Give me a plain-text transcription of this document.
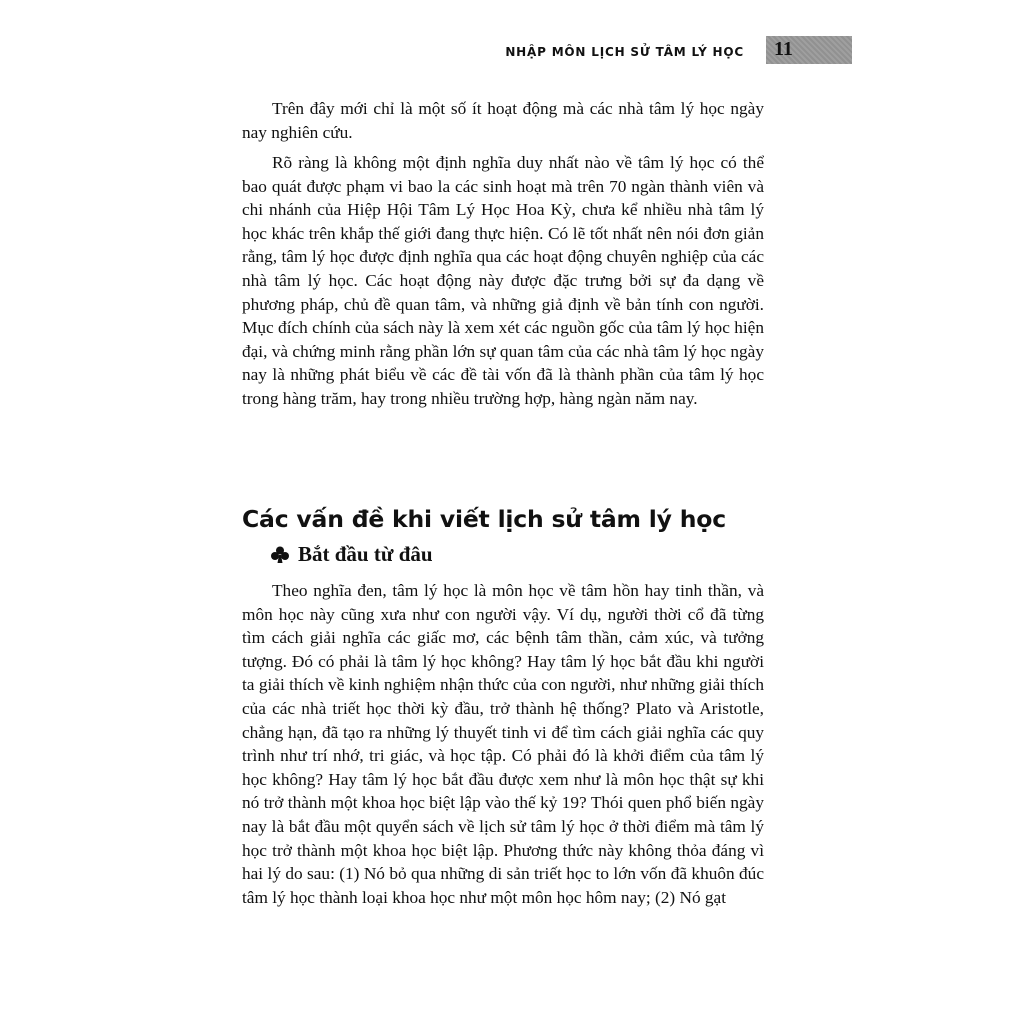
NHẬP MÔN LỊCH SỬ TÂM LÝ HỌC 11

Trên đây mới chỉ là một số ít hoạt động mà các nhà tâm lý học ngày nay nghiên cứu.

Rõ ràng là không một định nghĩa duy nhất nào về tâm lý học có thể bao quát được phạm vi bao la các sinh hoạt mà trên 70 ngàn thành viên và chi nhánh của Hiệp Hội Tâm Lý Học Hoa Kỳ, chưa kể nhiều nhà tâm lý học khác trên khắp thế giới đang thực hiện. Có lẽ tốt nhất nên nói đơn giản rằng, tâm lý học được định nghĩa qua các hoạt động chuyên nghiệp của các nhà tâm lý học. Các hoạt động này được đặc trưng bởi sự đa dạng về phương pháp, chủ đề quan tâm, và những giả định về bản tính con người. Mục đích chính của sách này là xem xét các nguồn gốc của tâm lý học hiện đại, và chứng minh rằng phần lớn sự quan tâm của các nhà tâm lý học ngày nay là những phát biểu về các đề tài vốn đã là thành phần của tâm lý học trong hàng trăm, hay trong nhiều trường hợp, hàng ngàn năm nay.

Các vấn đề khi viết lịch sử tâm lý học
Bắt đầu từ đâu

Theo nghĩa đen, tâm lý học là môn học về tâm hồn hay tinh thần, và môn học này cũng xưa như con người vậy. Ví dụ, người thời cổ đã từng tìm cách giải nghĩa các giấc mơ, các bệnh tâm thần, cảm xúc, và tưởng tượng. Đó có phải là tâm lý học không? Hay tâm lý học bắt đầu khi người ta giải thích về kinh nghiệm nhận thức của con người, như những giải thích của các nhà triết học thời kỳ đầu, trở thành hệ thống? Plato và Aristotle, chẳng hạn, đã tạo ra những lý thuyết tinh vi để tìm cách giải nghĩa các quy trình như trí nhớ, tri giác, và học tập. Có phải đó là khởi điểm của tâm lý học không? Hay tâm lý học bắt đầu được xem như là môn học thật sự khi nó trở thành một khoa học biệt lập vào thế kỷ 19? Thói quen phổ biến ngày nay là bắt đầu một quyển sách về lịch sử tâm lý học ở thời điểm mà tâm lý học trở thành một khoa học biệt lập. Phương thức này không thỏa đáng vì hai lý do sau: (1) Nó bỏ qua những di sản triết học to lớn vốn đã khuôn đúc tâm lý học thành loại khoa học như một môn học hôm nay; (2) Nó gạt
